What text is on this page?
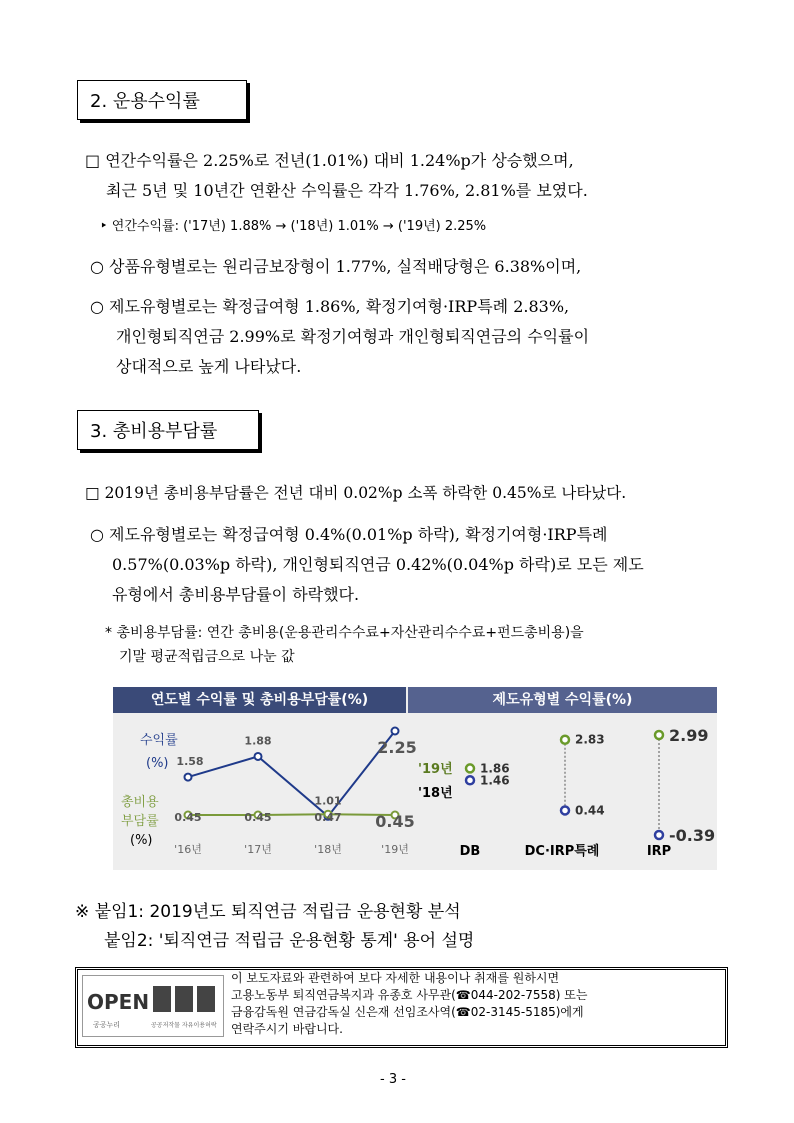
2. 운용수익률
□ 연간수익률은 2.25%로 전년(1.01%) 대비 1.24%p가 상승했으며,
최근 5년 및 10년간 연환산 수익률은 각각 1.76%, 2.81%를 보였다.
‣ 연간수익률: ('17년) 1.88% → ('18년) 1.01% → ('19년) 2.25%
○ 상품유형별로는 원리금보장형이 1.77%, 실적배당형은 6.38%이며,
○ 제도유형별로는 확정급여형 1.86%, 확정기여형·IRP특례 2.83%,
개인형퇴직연금 2.99%로 확정기여형과 개인형퇴직연금의 수익률이
상대적으로 높게 나타났다.
3. 총비용부담률
□ 2019년 총비용부담률은 전년 대비 0.02%p 소폭 하락한 0.45%로 나타났다.
○ 제도유형별로는 확정급여형 0.4%(0.01%p 하락), 확정기여형·IRP특례
0.57%(0.03%p 하락), 개인형퇴직연금 0.42%(0.04%p 하락)로 모든 제도
유형에서 총비용부담률이 하락했다.
* 총비용부담률: 연간 총비용(운용관리수수료+자산관리수수료+펀드총비용)을
기말 평균적립금으로 나눈 값
연도별 수익률 및 총비용부담률(%)	제도유형별 수익률(%)
수익률
(%)
총비용
부담률
(%)
1.58
1.88
1.01
2.25
0.45	0.45	0.47 0.45
'16년	'17년	'18년	'19년
'19년
'18년
1.86
1.46
DB
2.83
0.44
DC·IRP특례
2.99
-0.39
IRP
※ 붙임1: 2019년도 퇴직연금 적립금 운용현황 분석
붙임2: '퇴직연금 적립금 운용현황 통계' 용어 설명
OPEN
공공누리	공공저작물 자유이용허락
이 보도자료와 관련하여 보다 자세한 내용이나 취재를 원하시면
고용노동부 퇴직연금복지과 유종호 사무관(☎044-202-7558) 또는
금융감독원 연금감독실 신은재 선임조사역(☎02-3145-5185)에게
연락주시기 바랍니다.
- 3 -
